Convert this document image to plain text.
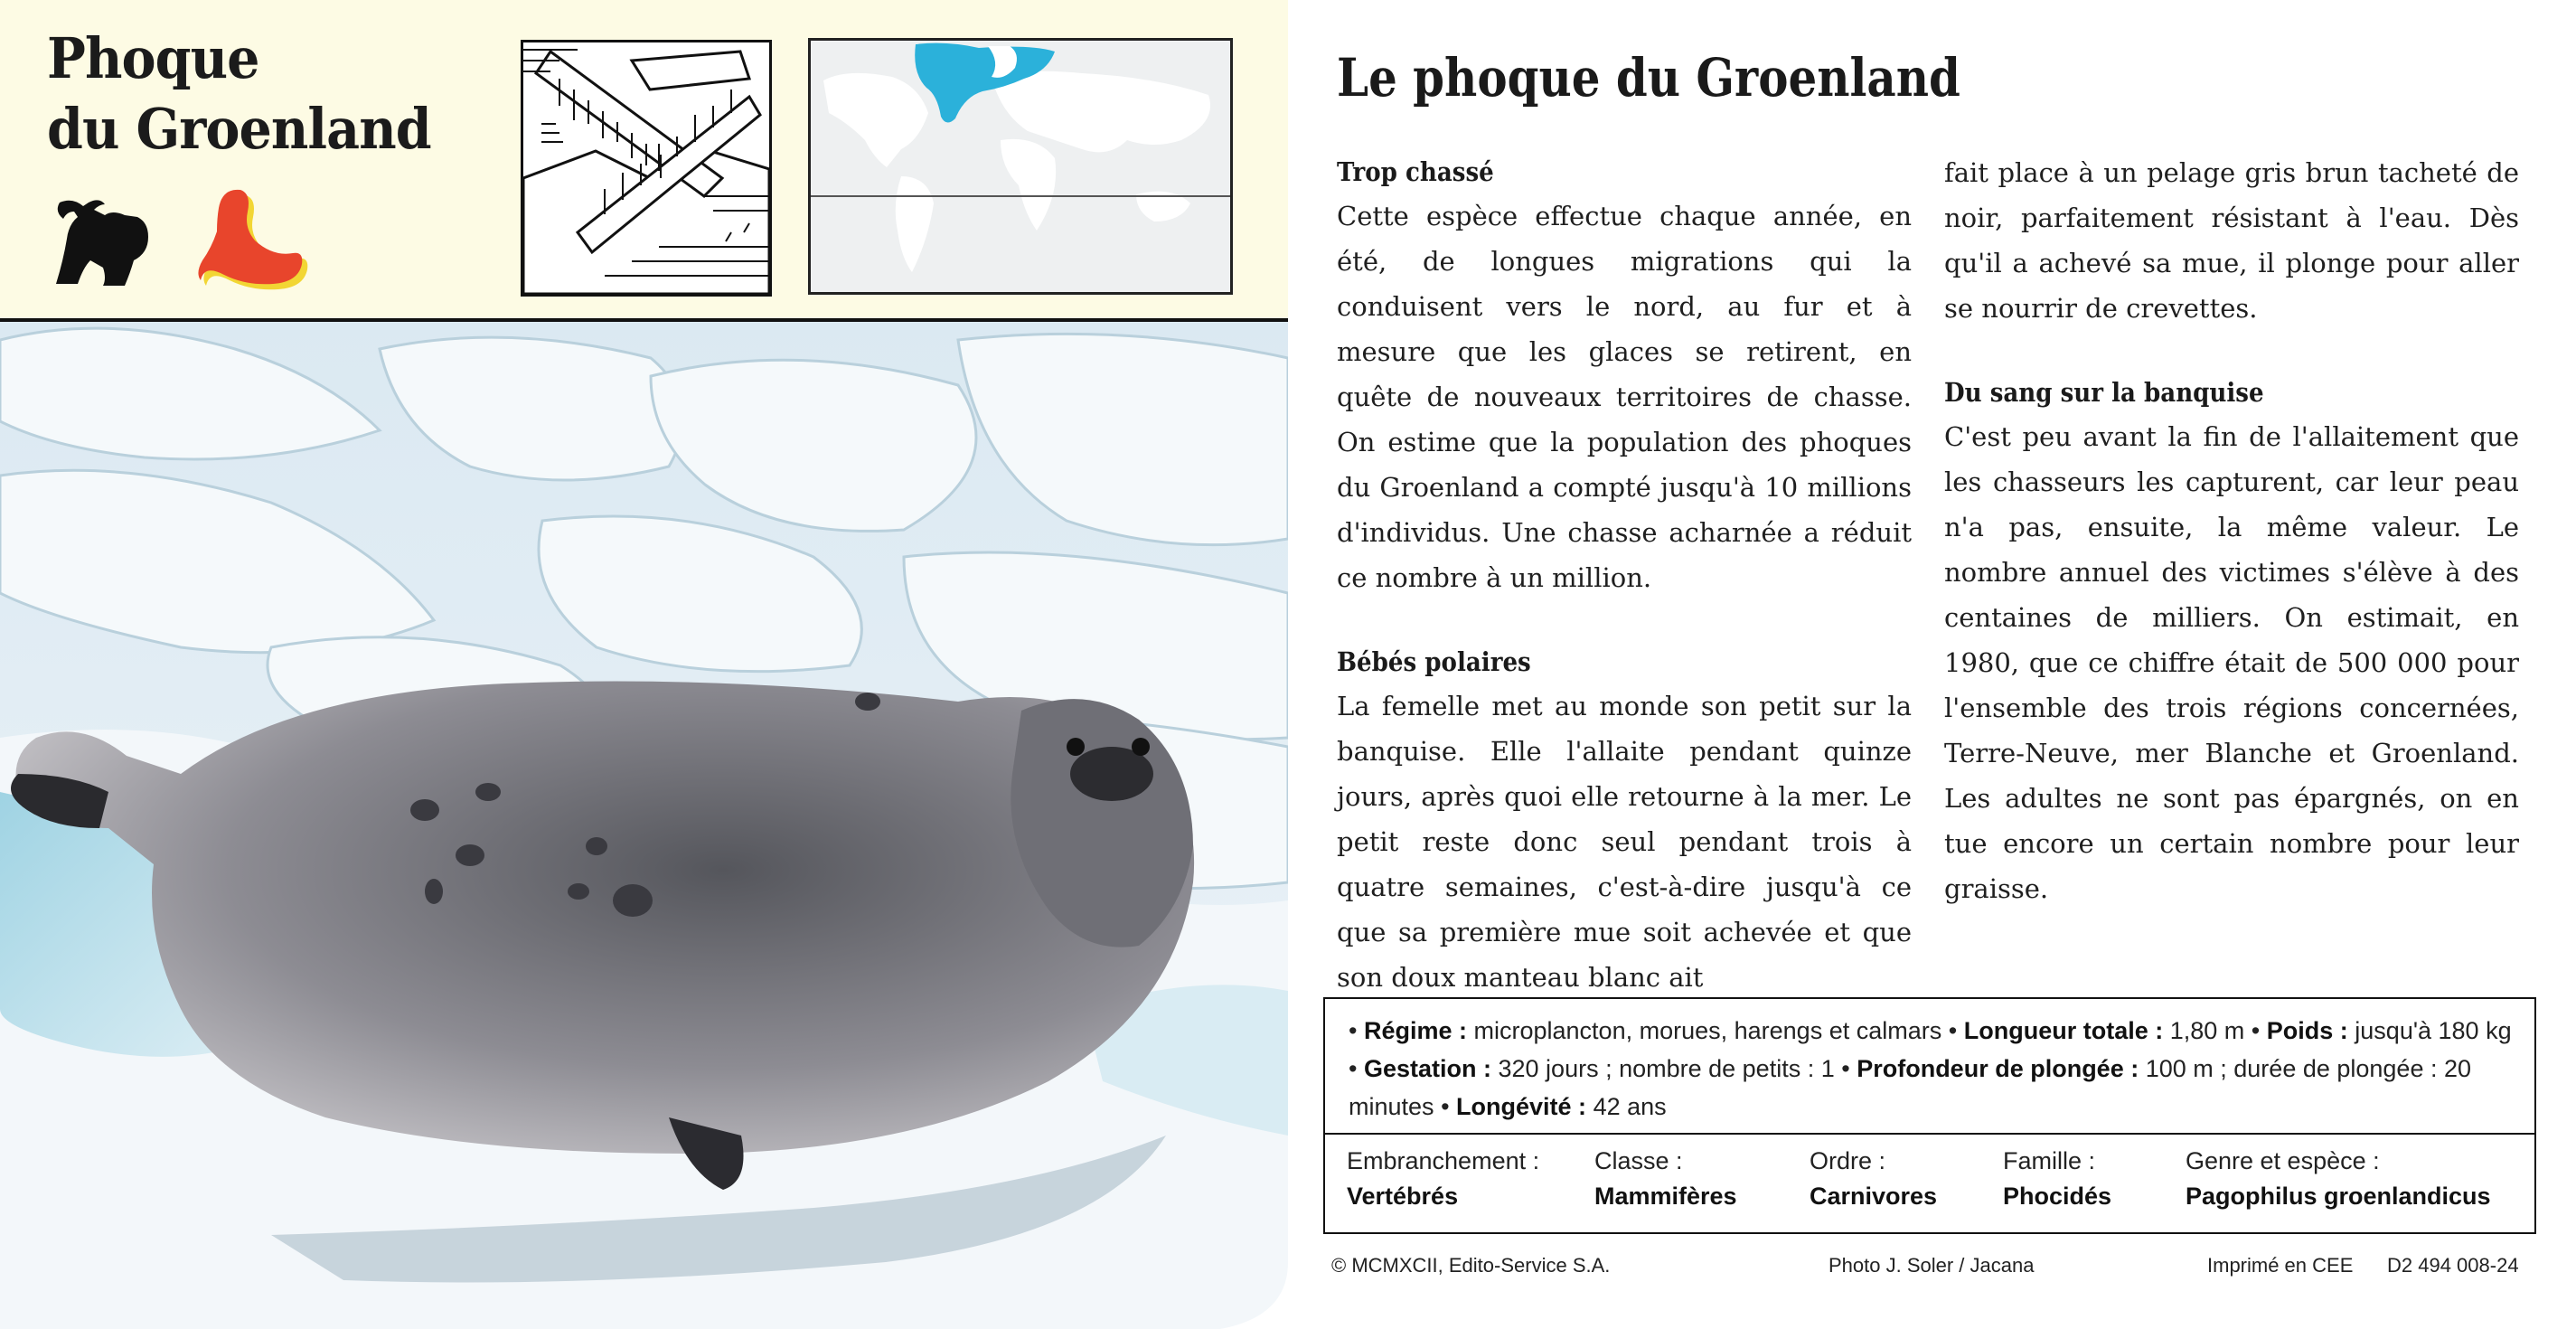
Phoque
du Groenland
Le phoque du Groenland
Trop chassé

Cette espèce effectue chaque année, en été, de longues migrations qui la conduisent vers le nord, au fur et à mesure que les glaces se retirent, en quête de nouveaux territoires de chasse. On estime que la population des phoques du Groenland a compté jusqu'à 10 millions d'individus. Une chasse acharnée a réduit ce nombre à un million.

Bébés polaires

La femelle met au monde son petit sur la banquise. Elle l'allaite pendant quinze jours, après quoi elle retourne à la mer. Le petit reste donc seul pendant trois à quatre semaines, c'est-à-dire jusqu'à ce que sa première mue soit achevée et que son doux manteau blanc ait

fait place à un pelage gris brun tacheté de noir, parfaitement résistant à l'eau. Dès qu'il a achevé sa mue, il plonge pour aller se nourrir de crevettes.

Du sang sur la banquise

C'est peu avant la fin de l'allaitement que les chasseurs les capturent, car leur peau n'a pas, ensuite, la même valeur. Le nombre annuel des victimes s'élève à des centaines de milliers. On estimait, en 1980, que ce chiffre était de 500 000 pour l'ensemble des trois régions concernées, Terre-Neuve, mer Blanche et Groenland. Les adultes ne sont pas épargnés, on en tue encore un certain nombre pour leur graisse.

• Régime : microplancton, morues, harengs et calmars • Longueur totale : 1,80 m • Poids : jusqu'à 180 kg • Gestation : 320 jours ; nombre de petits : 1 • Profondeur de plongée : 100 m ; durée de plongée : 20 minutes • Longévité : 42 ans
Embranchement :
Vertébrés
Classe :
Mammifères
Ordre :
Carnivores
Famille :
Phocidés
Genre et espèce :
Pagophilus groenlandicus
© MCMXCII, Edito-Service S.A.	Photo J. Soler / Jacana	Imprimé en CEE D2 494 008-24
